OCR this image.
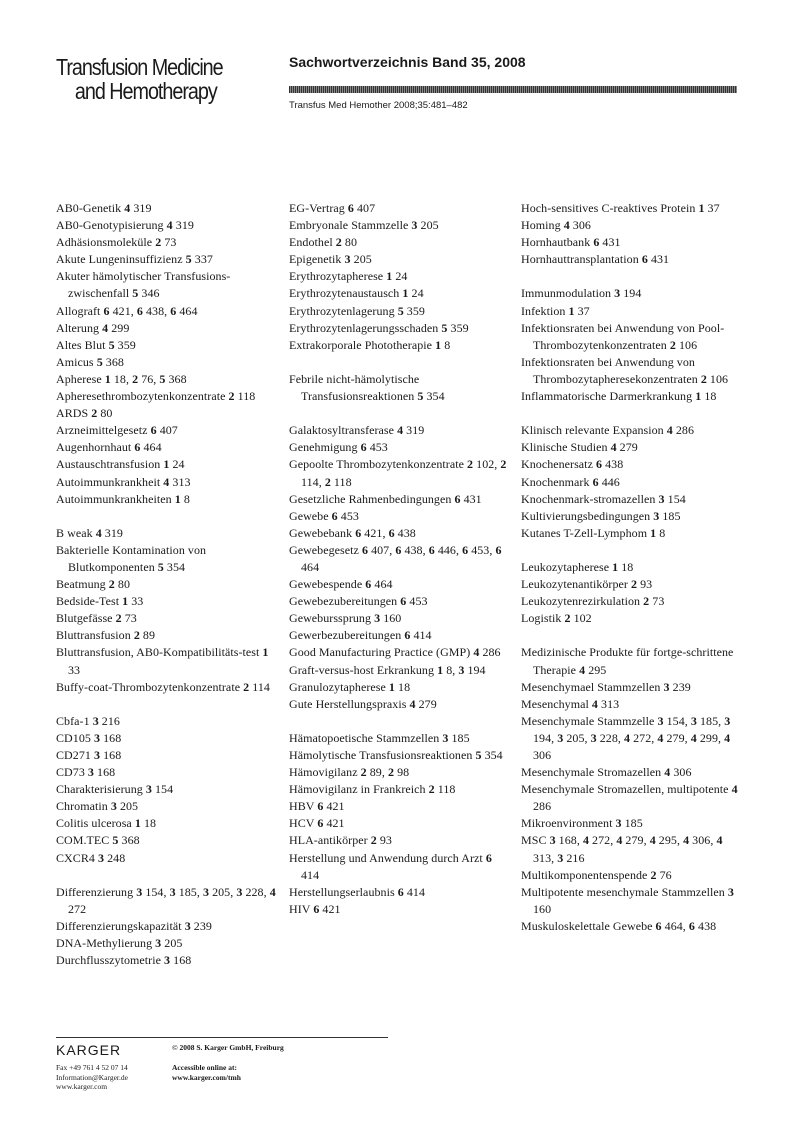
Transfusion Medicine
and Hemotherapy
Sachwortverzeichnis Band 35, 2008
Transfus Med Hemother 2008;35:481–482
AB0-Genetik 4 319
AB0-Genotypisierung 4 319
Adhäsionsmoleküle 2 73
Akute Lungeninsuffizienz 5 337
Akuter hämolytischer Transfusions-zwischenfall 5 346
Allograft 6 421, 6 438, 6 464
Alterung 4 299
Altes Blut 5 359
Amicus 5 368
Apherese 1 18, 2 76, 5 368
Apheresethrombozytenkonzentrate 2 118
ARDS 2 80
Arzneimittelgesetz 6 407
Augenhornhaut 6 464
Austauschtransfusion 1 24
Autoimmunkrankheit 4 313
Autoimmunkrankheiten 1 8
B weak 4 319
Bakterielle Kontamination von Blutkomponenten 5 354
Beatmung 2 80
Bedside-Test 1 33
Blutgefässe 2 73
Bluttransfusion 2 89
Bluttransfusion, AB0-Kompatibilitäts-test 1 33
Buffy-coat-Thrombozytenkonzentrate 2 114
Cbfa-1 3 216
CD105 3 168
CD271 3 168
CD73 3 168
Charakterisierung 3 154
Chromatin 3 205
Colitis ulcerosa 1 18
COM.TEC 5 368
CXCR4 3 248
Differenzierung 3 154, 3 185, 3 205, 3 228, 4 272
Differenzierungskapazität 3 239
DNA-Methylierung 3 205
Durchflusszytometrie 3 168
EG-Vertrag 6 407
Embryonale Stammzelle 3 205
Endothel 2 80
Epigenetik 3 205
Erythrozytapherese 1 24
Erythrozytenaustausch 1 24
Erythrozytenlagerung 5 359
Erythrozytenlagerungsschaden 5 359
Extrakorporale Phototherapie 1 8
Febrile nicht-hämolytische Transfusionsreaktionen 5 354
Galaktosyltransferase 4 319
Genehmigung 6 453
Gepoolte Thrombozytenkonzentrate 2 102, 2 114, 2 118
Gesetzliche Rahmenbedingungen 6 431
Gewebe 6 453
Gewebebank 6 421, 6 438
Gewebegesetz 6 407, 6 438, 6 446, 6 453, 6 464
Gewebespende 6 464
Gewebezubereitungen 6 453
Geweburssprung 3 160
Gewerbezubereitungen 6 414
Good Manufacturing Practice (GMP) 4 286
Graft-versus-host Erkrankung 1 8, 3 194
Granulozytapherese 1 18
Gute Herstellungspraxis 4 279
Hämatopoetische Stammzellen 3 185
Hämolytische Transfusionsreaktionen 5 354
Hämovigilanz 2 89, 2 98
Hämovigilanz in Frankreich 2 118
HBV 6 421
HCV 6 421
HLA-antikörper 2 93
Herstellung und Anwendung durch Arzt 6 414
Herstellungserlaubnis 6 414
HIV 6 421
Hoch-sensitives C-reaktives Protein 1 37
Homing 4 306
Hornhautbank 6 431
Hornhauttransplantation 6 431
Immunmodulation 3 194
Infektion 1 37
Infektionsraten bei Anwendung von Pool-Thrombozytenkonzentraten 2 106
Infektionsraten bei Anwendung von Thrombozytapheresekonzentraten 2 106
Inflammatorische Darmerkrankung 1 18
Klinisch relevante Expansion 4 286
Klinische Studien 4 279
Knochenersatz 6 438
Knochenmark 6 446
Knochenmark-stromazellen 3 154
Kultivierungsbedingungen 3 185
Kutanes T-Zell-Lymphom 1 8
Leukozytapherese 1 18
Leukozytenantikörper 2 93
Leukozytenrezirkulation 2 73
Logistik 2 102
Medizinische Produkte für fortge-schrittene Therapie 4 295
Mesenchymael Stammzellen 3 239
Mesenchymal 4 313
Mesenchymale Stammzelle 3 154, 3 185, 3 194, 3 205, 3 228, 4 272, 4 279, 4 299, 4 306
Mesenchymale Stromazellen 4 306
Mesenchymale Stromazellen, multipotente 4 286
Mikroenvironment 3 185
MSC 3 168, 4 272, 4 279, 4 295, 4 306, 4 313, 3 216
Multikomponentenspende 2 76
Multipotente mesenchymale Stammzellen 3 160
Muskuloskelettale Gewebe 6 464, 6 438
KARGER
Fax +49 761 4 52 07 14
Information@Karger.de
www.karger.com
© 2008 S. Karger GmbH, Freiburg
Accessible online at:
www.karger.com/tmh
